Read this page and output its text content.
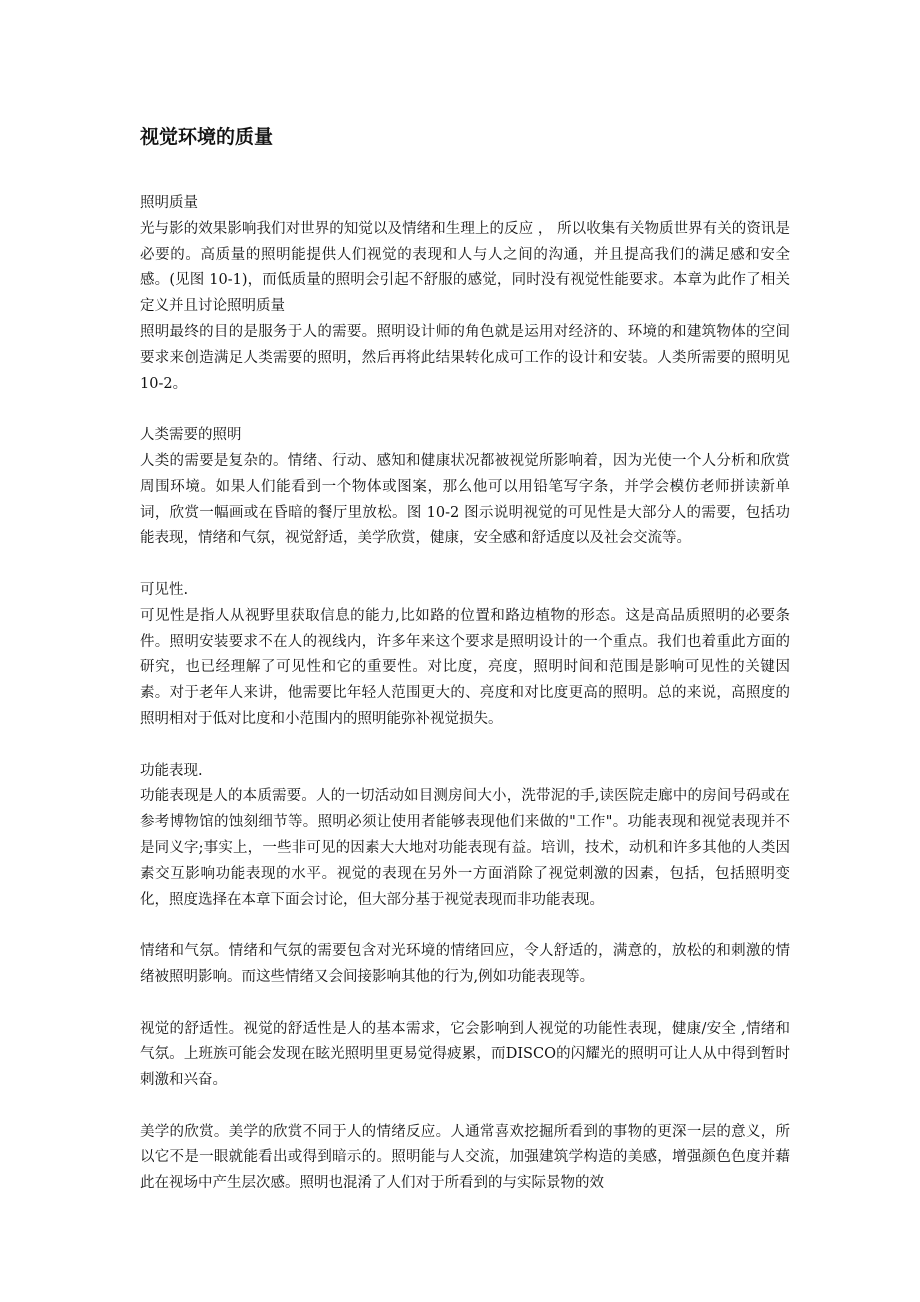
视觉环境的质量

照明质量

光与影的效果影响我们对世界的知觉以及情绪和生理上的反应 ， 所以收集有关物质世界有关的资讯是必要的。高质量的照明能提供人们视觉的表现和人与人之间的沟通，并且提高我们的满足感和安全感。(见图 10-1)，而低质量的照明会引起不舒服的感觉，同时没有视觉性能要求。本章为此作了相关定义并且讨论照明质量

照明最终的目的是服务于人的需要。照明设计师的角色就是运用对经济的、环境的和建筑物体的空间要求来创造满足人类需要的照明，然后再将此结果转化成可工作的设计和安装。人类所需要的照明见 10-2。

人类需要的照明

人类的需要是复杂的。情绪、行动、感知和健康状况都被视觉所影响着，因为光使一个人分析和欣赏周围环境。如果人们能看到一个物体或图案，那么他可以用铅笔写字条，并学会模仿老师拼读新单词，欣赏一幅画或在昏暗的餐厅里放松。图 10-2 图示说明视觉的可见性是大部分人的需要，包括功能表现，情绪和气氛，视觉舒适，美学欣赏，健康，安全感和舒适度以及社会交流等。

可见性.

可见性是指人从视野里获取信息的能力,比如路的位置和路边植物的形态。这是高品质照明的必要条件。照明安装要求不在人的视线内，许多年来这个要求是照明设计的一个重点。我们也着重此方面的研究，也已经理解了可见性和它的重要性。对比度，亮度，照明时间和范围是影响可见性的关键因素。对于老年人来讲，他需要比年轻人范围更大的、亮度和对比度更高的照明。总的来说，高照度的照明相对于低对比度和小范围内的照明能弥补视觉损失。

功能表现.

功能表现是人的本质需要。人的一切活动如目测房间大小，洗带泥的手,读医院走廊中的房间号码或在参考博物馆的蚀刻细节等。照明必须让使用者能够表现他们来做的"工作"。功能表现和视觉表现并不是同义字;事实上，一些非可见的因素大大地对功能表现有益。培训，技术，动机和许多其他的人类因素交互影响功能表现的水平。视觉的表现在另外一方面消除了视觉刺激的因素，包括，包括照明变化，照度选择在本章下面会讨论，但大部分基于视觉表现而非功能表现。

情绪和气氛。情绪和气氛的需要包含对光环境的情绪回应，令人舒适的，满意的，放松的和刺激的情绪被照明影响。而这些情绪又会间接影响其他的行为,例如功能表现等。

视觉的舒适性。视觉的舒适性是人的基本需求，它会影响到人视觉的功能性表现，健康/安全 ,情绪和气氛。上班族可能会发现在眩光照明里更易觉得疲累，而DISCO的闪耀光的照明可让人从中得到暂时刺激和兴奋。

美学的欣赏。美学的欣赏不同于人的情绪反应。人通常喜欢挖掘所看到的事物的更深一层的意义，所以它不是一眼就能看出或得到暗示的。照明能与人交流，加强建筑学构造的美感，增强颜色色度并藉此在视场中产生层次感。照明也混淆了人们对于所看到的与实际景物的效
